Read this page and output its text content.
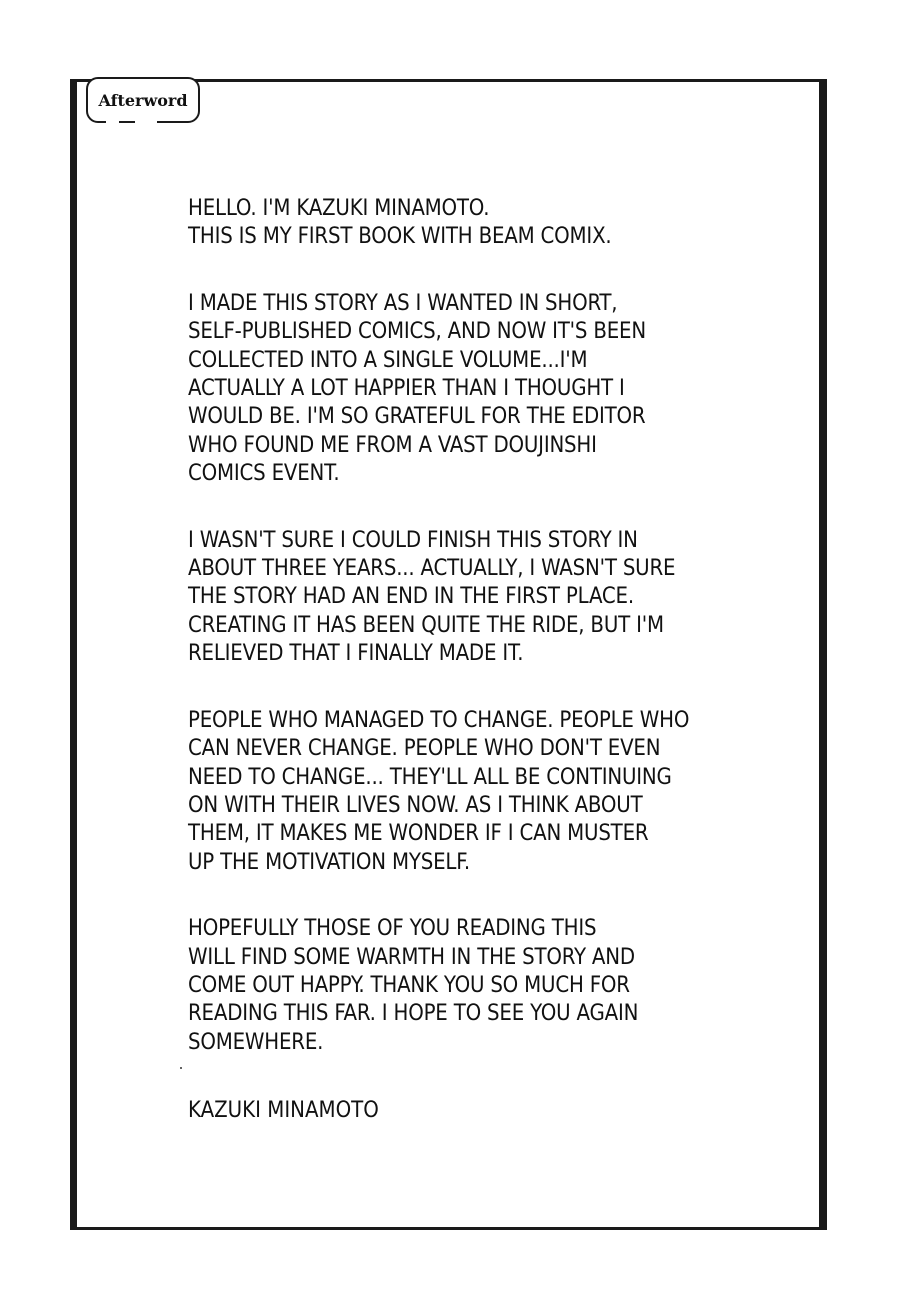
Afterword
HELLO. I'M KAZUKI MINAMOTO.
THIS IS MY FIRST BOOK WITH BEAM COMIX.
I MADE THIS STORY AS I WANTED IN SHORT,
SELF-PUBLISHED COMICS, AND NOW IT'S BEEN
COLLECTED INTO A SINGLE VOLUME...I'M
ACTUALLY A LOT HAPPIER THAN I THOUGHT I
WOULD BE. I'M SO GRATEFUL FOR THE EDITOR
WHO FOUND ME FROM A VAST DOUJINSHI
COMICS EVENT.
I WASN'T SURE I COULD FINISH THIS STORY IN
ABOUT THREE YEARS... ACTUALLY, I WASN'T SURE
THE STORY HAD AN END IN THE FIRST PLACE.
CREATING IT HAS BEEN QUITE THE RIDE, BUT I'M
RELIEVED THAT I FINALLY MADE IT.
PEOPLE WHO MANAGED TO CHANGE. PEOPLE WHO
CAN NEVER CHANGE. PEOPLE WHO DON'T EVEN
NEED TO CHANGE... THEY'LL ALL BE CONTINUING
ON WITH THEIR LIVES NOW. AS I THINK ABOUT
THEM, IT MAKES ME WONDER IF I CAN MUSTER
UP THE MOTIVATION MYSELF.
HOPEFULLY THOSE OF YOU READING THIS
WILL FIND SOME WARMTH IN THE STORY AND
COME OUT HAPPY. THANK YOU SO MUCH FOR
READING THIS FAR. I HOPE TO SEE YOU AGAIN
SOMEWHERE.
KAZUKI MINAMOTO
